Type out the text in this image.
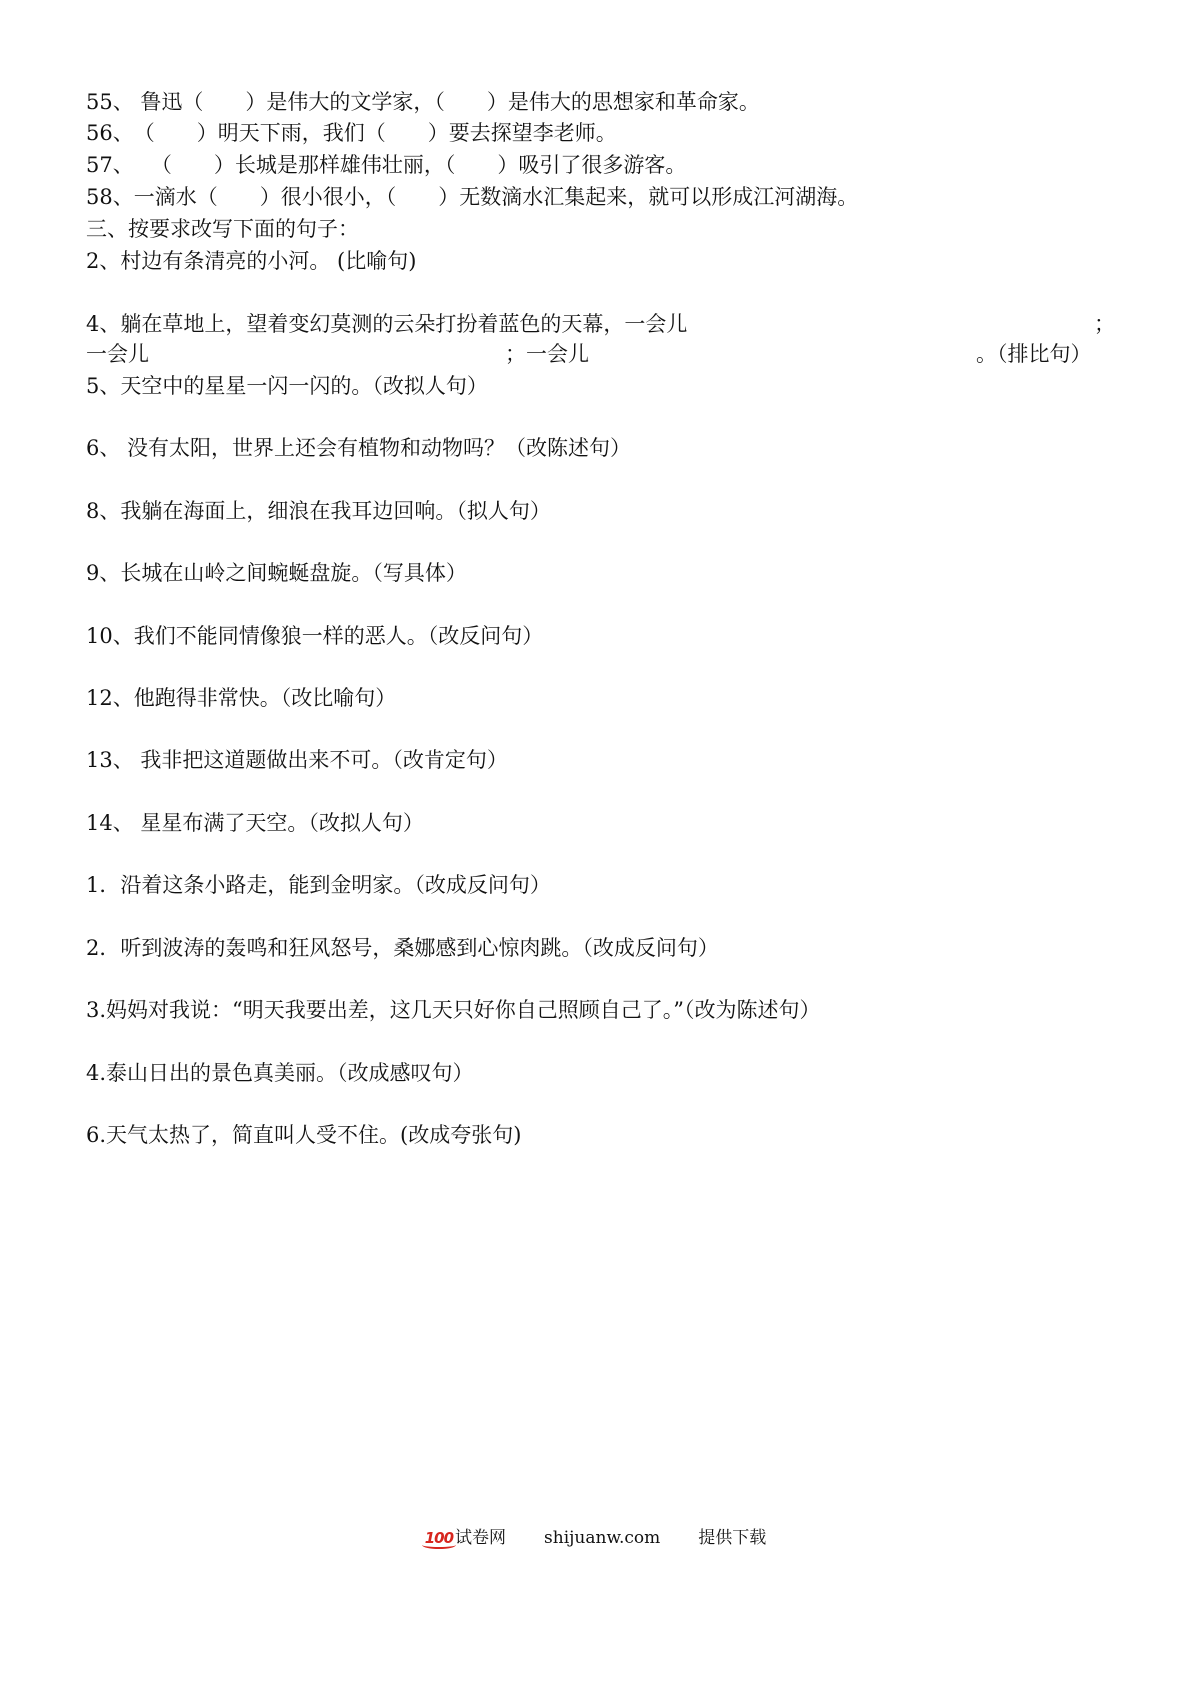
55、 鲁迅（　　）是伟大的文学家，（　　）是伟大的思想家和革命家。
56、（　　）明天下雨，我们（　　）要去探望李老师。
57、 　（　　）长城是那样雄伟壮丽，（　　）吸引了很多游客。
58、一滴水（　　）很小很小，（　　）无数滴水汇集起来，就可以形成江河湖海。
三、按要求改写下面的句子：
2、村边有条清亮的小河。 (比喻句)
4、躺在草地上，望着变幻莫测的云朵打扮着蓝色的天幕，一会儿	；
一会儿	；一会儿	。（排比句）
5、天空中的星星一闪一闪的。（改拟人句）
6、 没有太阳，世界上还会有植物和动物吗？（改陈述句）
8、我躺在海面上，细浪在我耳边回响。（拟人句）
9、长城在山岭之间蜿蜒盘旋。（写具体）
10、我们不能同情像狼一样的恶人。（改反问句）
12、他跑得非常快。（改比喻句）
13、 我非把这道题做出来不可。（改肯定句）
14、 星星布满了天空。（改拟人句）
1．沿着这条小路走，能到金明家。（改成反问句）
2．听到波涛的轰鸣和狂风怒号，桑娜感到心惊肉跳。（改成反问句）
3.妈妈对我说：“明天我要出差，这几天只好你自己照顾自己了。”（改为陈述句）
4.泰山日出的景色真美丽。（改成感叹句）
6.天气太热了，简直叫人受不住。(改成夸张句)
100 试卷网 shijuanw.com 提供下载
